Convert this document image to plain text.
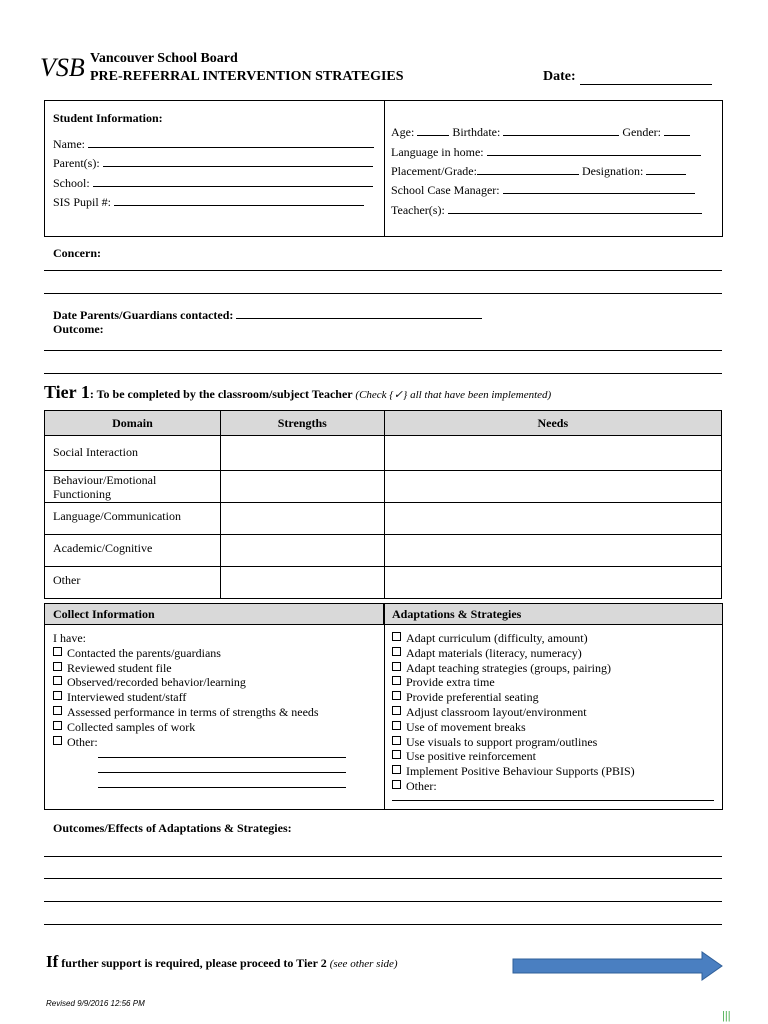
VSB Vancouver School Board
PRE-REFERRAL INTERVENTION STRATEGIES	Date:
Student Information:
Name:
Parent(s):
School:
SIS Pupil #:
Age:	Birthdate:	Gender:
Language in home:
Placement/Grade:	Designation:
School Case Manager:
Teacher(s):
Concern:
Date Parents/Guardians contacted:
Outcome:
Tier 1: To be completed by the classroom/subject Teacher (Check {✓} all that have been implemented)
Domain	Strengths	Needs
Social Interaction		
Behaviour/Emotional Functioning		
Language/Communication		
Academic/Cognitive		
Other		
Collect Information	Adaptations & Strategies
I have:
Contacted the parents/guardians
Reviewed student file
Observed/recorded behavior/learning
Interviewed student/staff
Assessed performance in terms of strengths & needs
Collected samples of work
Other:
Adapt curriculum (difficulty, amount)
Adapt materials (literacy, numeracy)
Adapt teaching strategies (groups, pairing)
Provide extra time
Provide preferential seating
Adjust classroom layout/environment
Use of movement breaks
Use visuals to support program/outlines
Use positive reinforcement
Implement Positive Behaviour Supports (PBIS)
Other:
Outcomes/Effects of Adaptations & Strategies:
If further support is required, please proceed to Tier 2 (see other side)
Revised 9/9/2016 12:56 PM
|||
